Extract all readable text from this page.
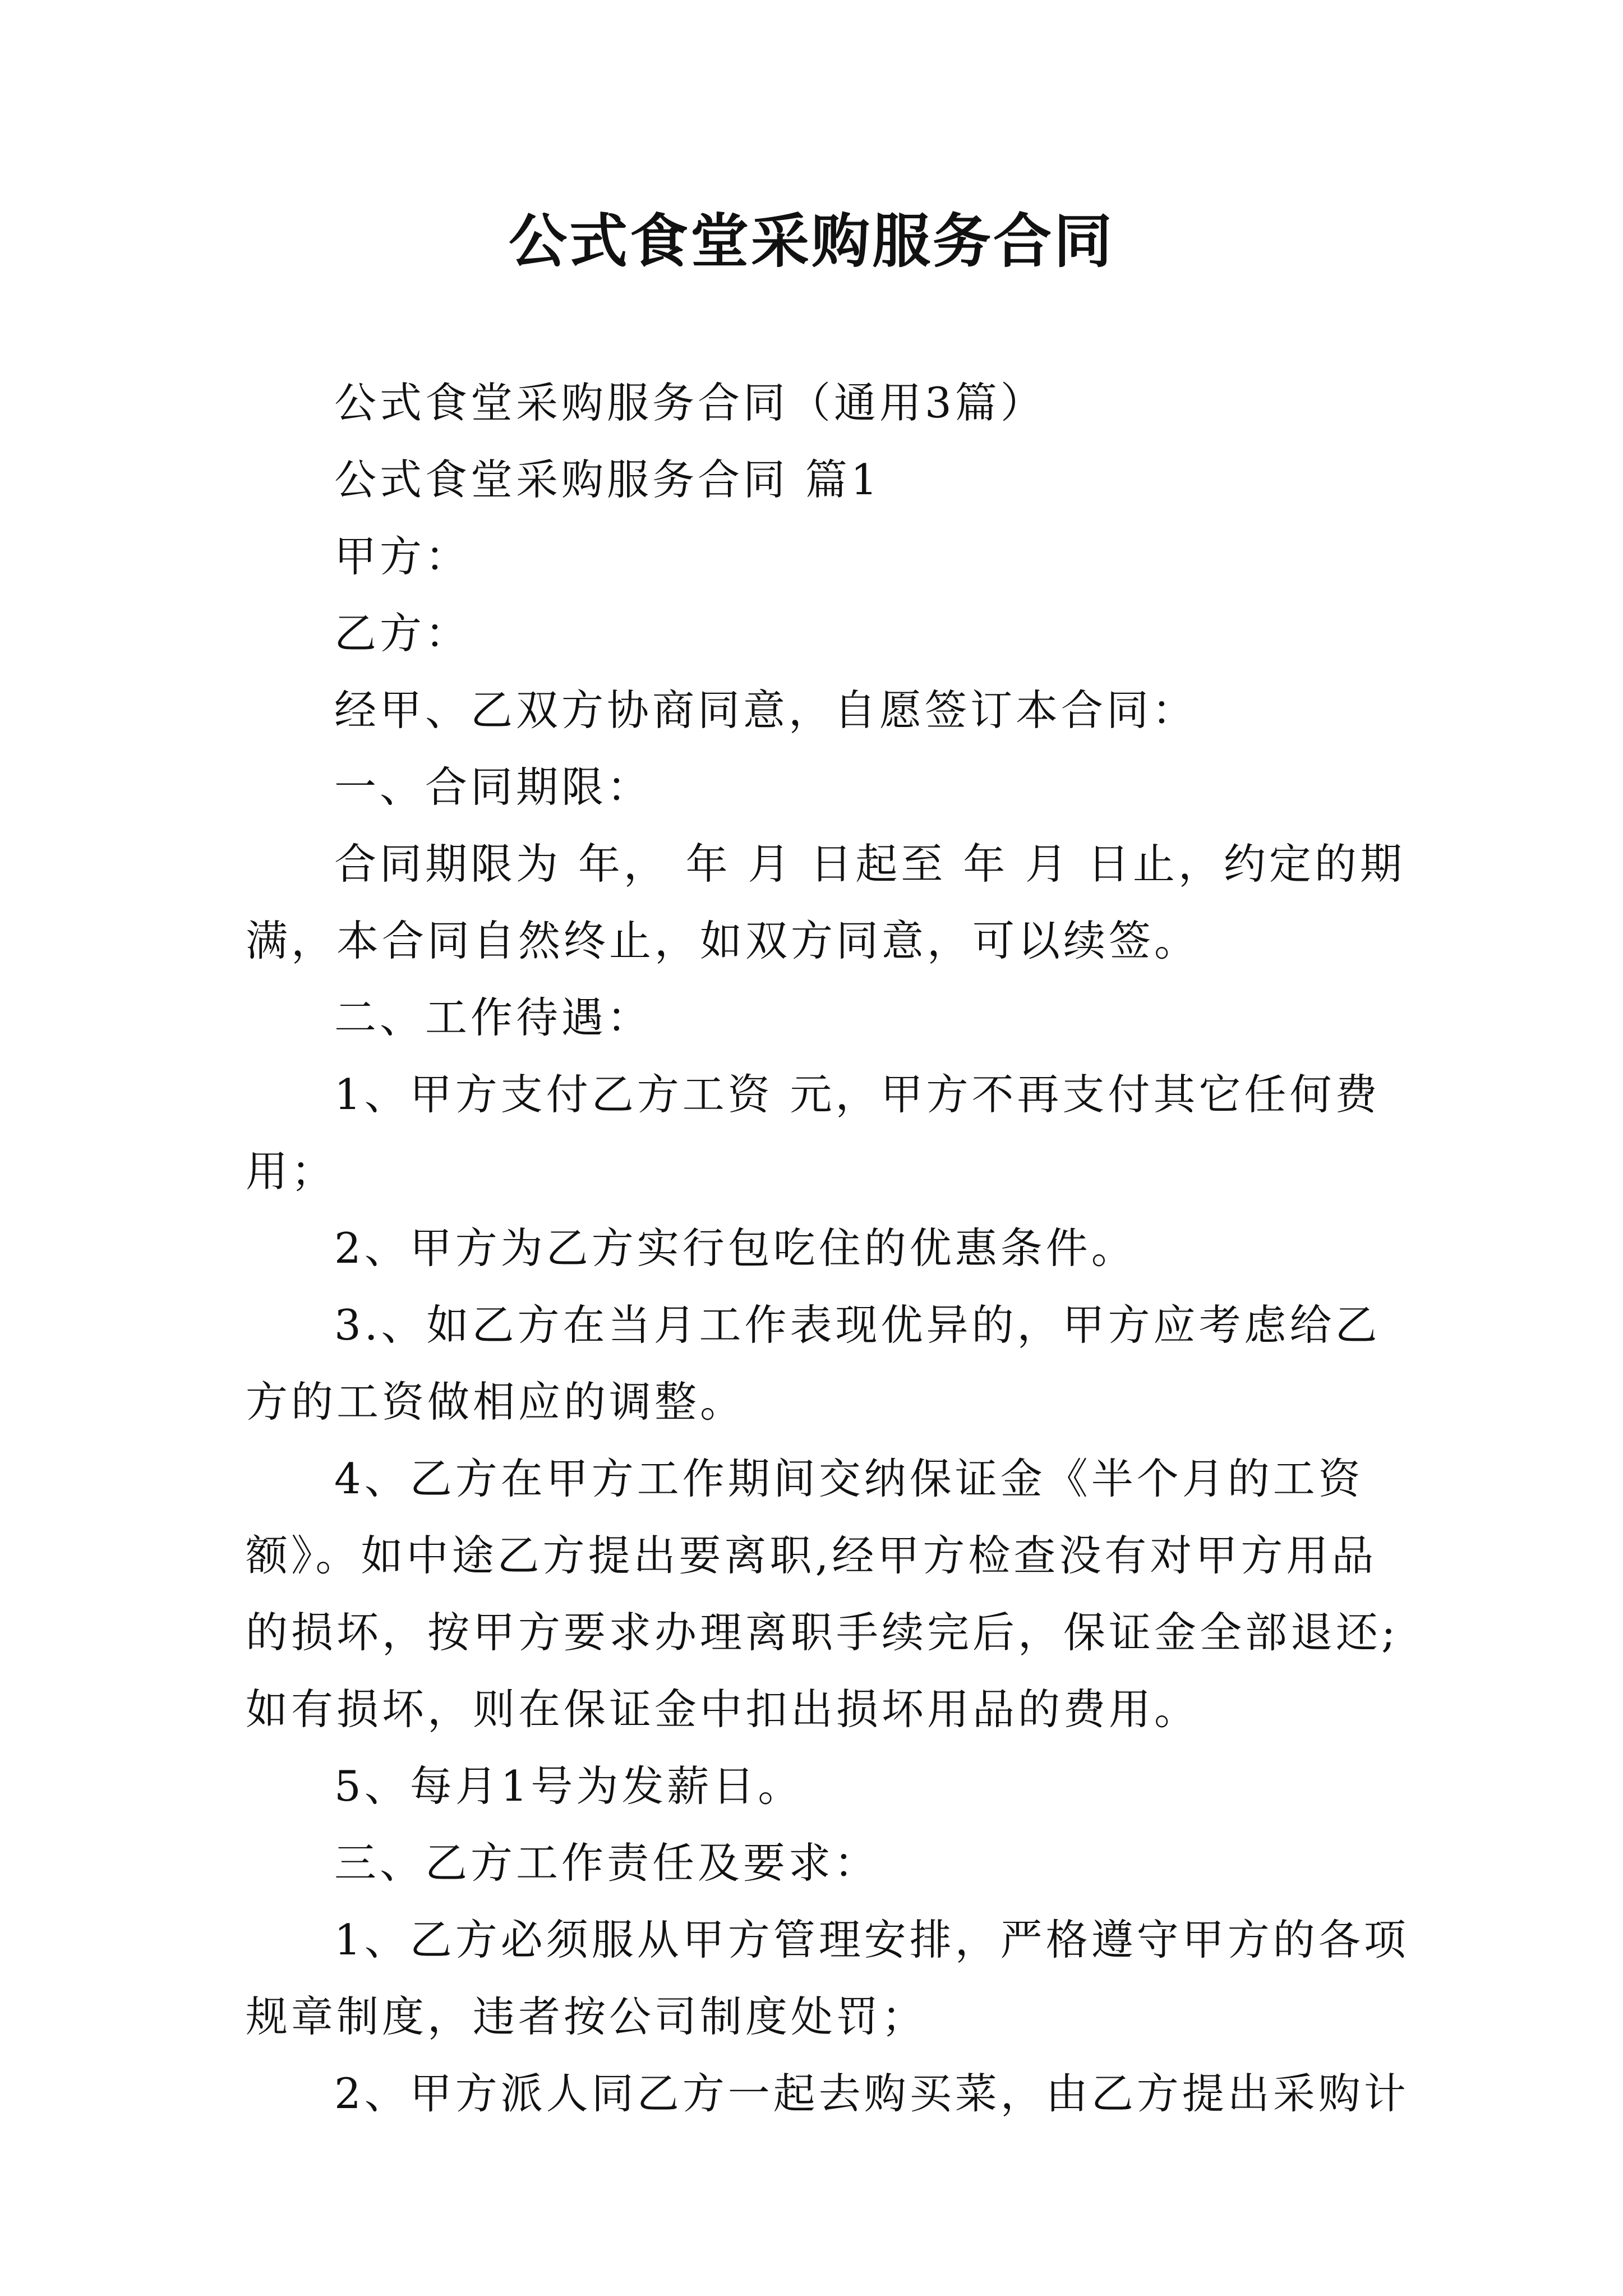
公式食堂采购服务合同

公式食堂采购服务合同（通用3篇）

公式食堂采购服务合同 篇1

甲方：

乙方：

经甲、乙双方协商同意，自愿签订本合同：

一、合同期限：

合同期限为 年， 年 月 日起至 年 月 日止，约定的期满，本合同自然终止，如双方同意，可以续签。

二、工作待遇：

1、甲方支付乙方工资 元，甲方不再支付其它任何费用；

2、甲方为乙方实行包吃住的优惠条件。

3.、如乙方在当月工作表现优异的，甲方应考虑给乙方的工资做相应的调整。

4、乙方在甲方工作期间交纳保证金《半个月的工资额》。如中途乙方提出要离职,经甲方检查没有对甲方用品的损坏，按甲方要求办理离职手续完后，保证金全部退还;如有损坏，则在保证金中扣出损坏用品的费用。

5、每月1号为发薪日。

三、乙方工作责任及要求：

1、乙方必须服从甲方管理安排，严格遵守甲方的各项规章制度，违者按公司制度处罚；

2、甲方派人同乙方一起去购买菜，由乙方提出采购计
